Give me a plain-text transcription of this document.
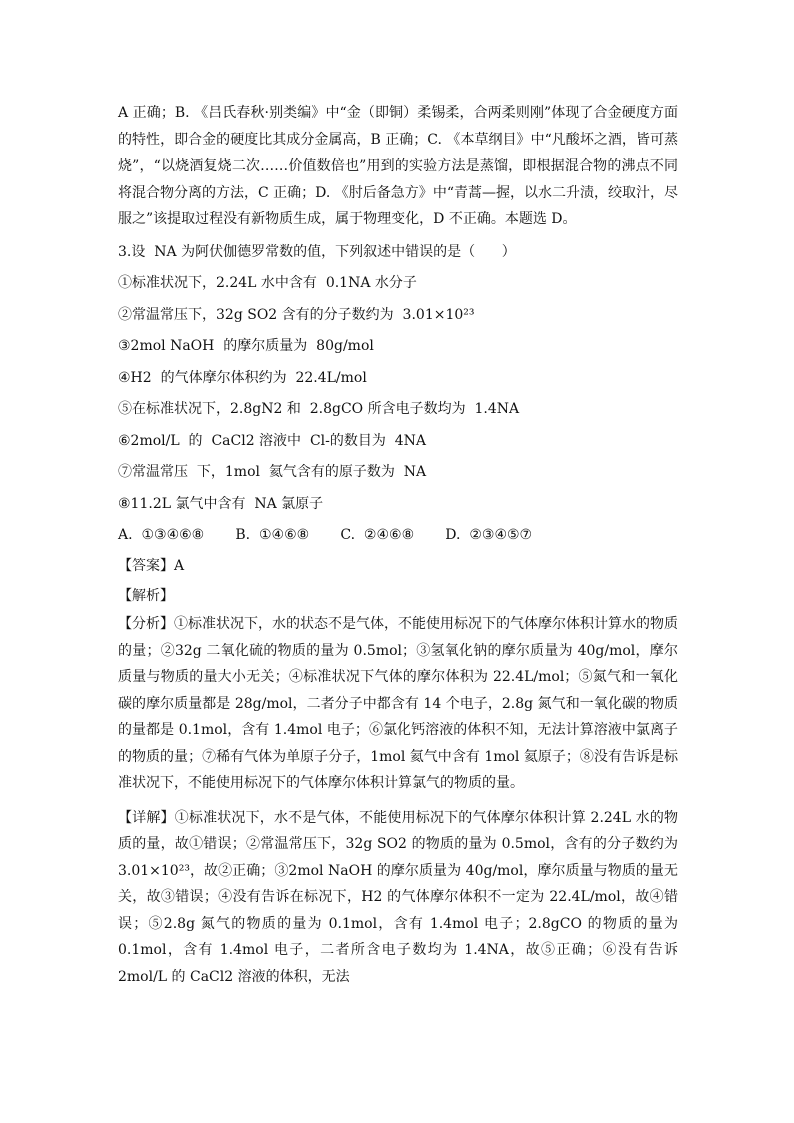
A 正确；B. 《吕氏春秋·别类编》中“金（即铜）柔锡柔，合两柔则刚”体现了合金硬度方面的特性，即合金的硬度比其成分金属高，B 正确；C. 《本草纲目》中“凡酸坏之酒，皆可蒸烧”，“以烧酒复烧二次……价值数倍也”用到的实验方法是蒸馏，即根据混合物的沸点不同将混合物分离的方法，C 正确；D. 《肘后备急方》中“青蒿—握，以水二升渍，绞取汁，尽服之”该提取过程没有新物质生成，属于物理变化，D 不正确。本题选 D。

3.设  NA 为阿伏伽德罗常数的值，下列叙述中错误的是（      ）

①标准状况下，2.24L 水中含有  0.1NA 水分子

②常温常压下，32g SO2 含有的分子数约为  3.01×10²³

③2mol NaOH  的摩尔质量为  80g/mol

④H2  的气体摩尔体积约为  22.4L/mol

⑤在标准状况下，2.8gN2 和  2.8gCO 所含电子数均为  1.4NA

⑥2mol/L  的  CaCl2 溶液中  Cl-的数目为  4NA

⑦常温常压  下，1mol  氦气含有的原子数为  NA

⑧11.2L 氯气中含有  NA 氯原子

A.  ①③④⑥⑧       B.  ①④⑥⑧       C.  ②④⑥⑧       D.  ②③④⑤⑦

【答案】A

【解析】

【分析】①标准状况下，水的状态不是气体，不能使用标况下的气体摩尔体积计算水的物质的量；②32g 二氧化硫的物质的量为 0.5mol；③氢氧化钠的摩尔质量为 40g/mol，摩尔质量与物质的量大小无关；④标准状况下气体的摩尔体积为 22.4L/mol；⑤氮气和一氧化碳的摩尔质量都是 28g/mol，二者分子中都含有 14 个电子，2.8g 氮气和一氧化碳的物质的量都是 0.1mol，含有 1.4mol 电子；⑥氯化钙溶液的体积不知，无法计算溶液中氯离子的物质的量；⑦稀有气体为单原子分子，1mol 氦气中含有 1mol 氦原子；⑧没有告诉是标准状况下，不能使用标况下的气体摩尔体积计算氯气的物质的量。

【详解】①标准状况下，水不是气体，不能使用标况下的气体摩尔体积计算 2.24L 水的物质的量，故①错误；②常温常压下，32g SO2 的物质的量为 0.5mol，含有的分子数约为 3.01×10²³，故②正确；③2mol NaOH 的摩尔质量为 40g/mol，摩尔质量与物质的量无关，故③错误；④没有告诉在标况下，H2 的气体摩尔体积不一定为 22.4L/mol，故④错误；⑤2.8g 氮气的物质的量为 0.1mol，含有 1.4mol 电子；2.8gCO 的物质的量为 0.1mol，含有 1.4mol 电子，二者所含电子数均为 1.4NA，故⑤正确；⑥没有告诉 2mol/L 的 CaCl2 溶液的体积，无法
